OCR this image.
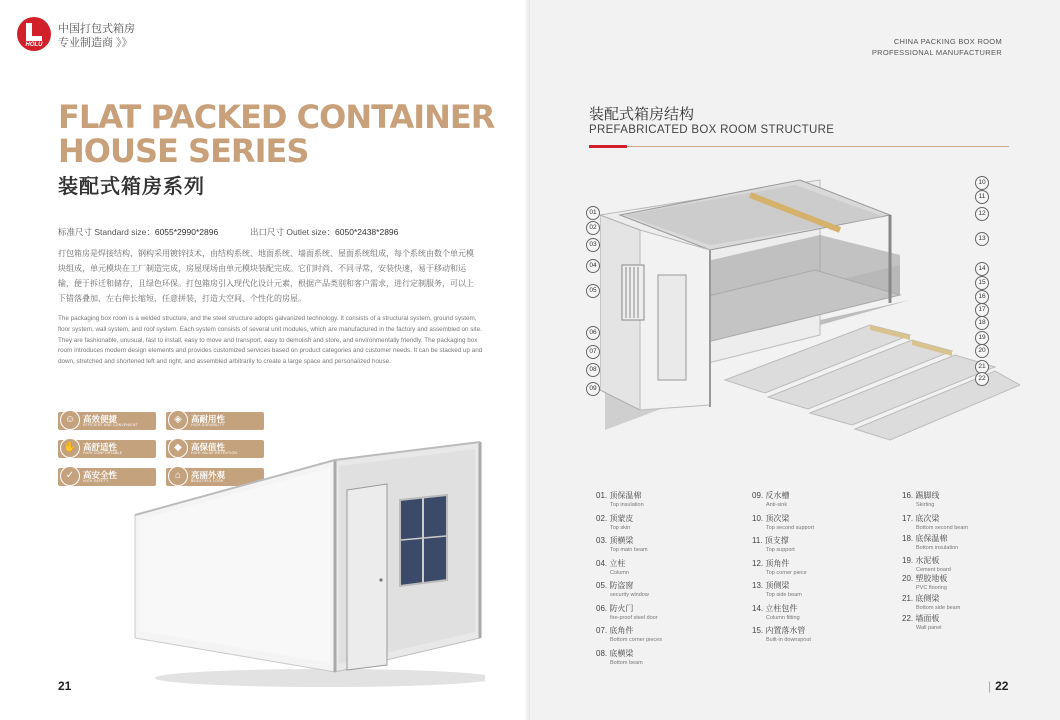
HOLU
中国打包式箱房
专业制造商 》》
FLAT PACKED CONTAINER
HOUSE SERIES
装配式箱房系列
标准尺寸 Standard size：6055*2990*2896	出口尺寸 Outlet size：6050*2438*2896
打包箱房是焊接结构，钢构采用镀锌技术，由结构系统、地面系统、墙面系统、屋面系统组成，每个系统由数个单元模块组成，单元模块在工厂制造完成，房屋现场由单元模块装配完成。它们时尚、不同寻常，安装快速，易于移动和运输，便于拆迁和储存，且绿色环保。打包箱房引入现代化设计元素，根据产品类别和客户需求，进行定制服务，可以上下错落叠加、左右伸长缩短，任意拼装，打造大空间、个性化的房屋。
The packaging box room is a welded structure, and the steel structure adopts galvanized technology. It consists of a structural system, ground system, floor system, wall system, and roof system. Each system consists of several unit modules, which are manufactured in the factory and assembled on site. They are fashionable, unusual, fast to install, easy to move and transport, easy to demolish and store, and environmentally friendly. The packaging box room introduces modern design elements and provides customized services based on product categories and customer needs. It can be stacked up and down, stretched and shortened left and right, and assembled arbitrarily to create a large space and personalized house.
☺ 高效便捷
EFFICIENT AND CONVENIENT	◈	高耐用性
HIGH DURABILITY
✋ 高舒适性
HIGH COMFORTABLE	◆	高保值性
HIGH VALUE RETENTION
✓	高安全性
HIGH SAFETY	⌂	亮丽外观
BEAUTIFUL LOOK
21	| 22
CHINA PACKING BOX ROOM
PROFESSIONAL MANUFACTURER
装配式箱房结构
PREFABRICATED BOX ROOM STRUCTURE
01
02
03
04
05
06
07
08
09
10
11
12
13
14
15
16
17
18
19
20
21
22
01. 顶保温棉
Top insulation
02. 顶蒙皮
Top skin
03. 顶横梁
Top main beam
04. 立柱
Column
05. 防盗窗
security window
06. 防火门
fire-proof steel door
07. 底角件
Bottom corner pieces
08. 底横梁
Bottom beam
09. 反水槽
Anti-sink
10. 顶次梁
Top second support
11. 顶支撑
Top support
12. 顶角件
Top corner piece
13. 顶侧梁
Top side beam
14. 立柱包件
Column fitting
15. 内置落水管
Built-in downspout
16. 踢脚线
Skirting
17. 底次梁
Bottom second beam
18. 底保温棉
Bottom insulation
19. 水泥板
Cement board
20. 塑胶地板
PVC flooring
21. 底侧梁
Bottom side beam
22. 墙面板
Wall panel
